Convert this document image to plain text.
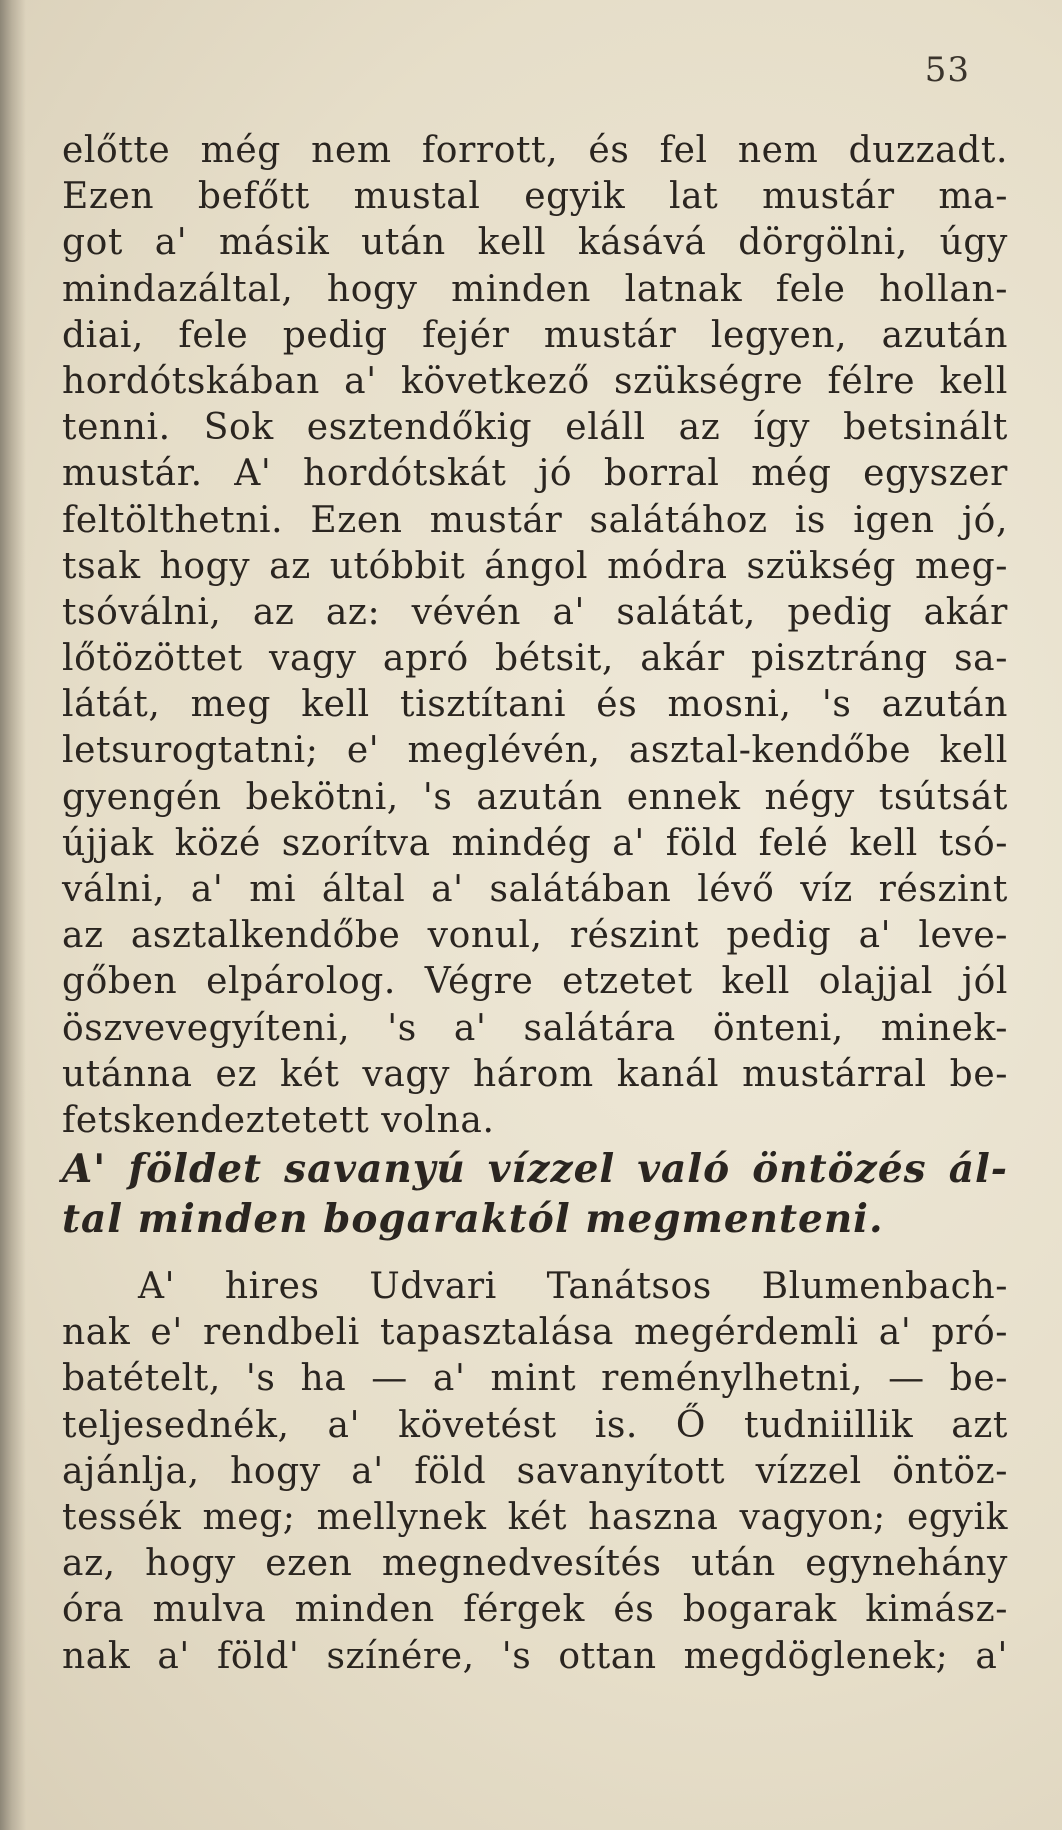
53
előtte még nem forrott, és fel nem duzzadt.
Ezen befőtt mustal egyik lat mustár ma-
got a' másik után kell kásává dörgölni, úgy
mindazáltal, hogy minden latnak fele hollan-
diai, fele pedig fejér mustár legyen, azután
hordótskában a' következő szükségre félre kell
tenni. Sok esztendőkig eláll az így betsinált
mustár. A' hordótskát jó borral még egyszer
feltölthetni. Ezen mustár salátához is igen jó,
tsak hogy az utóbbit ángol módra szükség meg-
tsóválni, az az: vévén a' salátát, pedig akár
lőtözöttet vagy apró bétsit, akár pisztráng sa-
látát, meg kell tisztítani és mosni, 's azután
letsurogtatni; e' meglévén, asztal-kendőbe kell
gyengén bekötni, 's azután ennek négy tsútsát
újjak közé szorítva mindég a' föld felé kell tsó-
válni, a' mi által a' salátában lévő víz részint
az asztalkendőbe vonul, részint pedig a' leve-
gőben elpárolog. Végre etzetet kell olajjal jól
öszvevegyíteni, 's a' salátára önteni, minek-
utánna ez két vagy három kanál mustárral be-
fetskendeztetett volna.
A' földet savanyú vízzel való öntözés ál-
tal minden bogaraktól megmenteni.
A' hires Udvari Tanátsos Blumenbach-
nak e' rendbeli tapasztalása megérdemli a' pró-
batételt, 's ha — a' mint reménylhetni, — be-
teljesednék, a' követést is. Ő tudniillik azt
ajánlja, hogy a' föld savanyított vízzel öntöz-
tessék meg; mellynek két haszna vagyon; egyik
az, hogy ezen megnedvesítés után egynehány
óra mulva minden férgek és bogarak kimász-
nak a' föld' színére, 's ottan megdöglenek; a'
